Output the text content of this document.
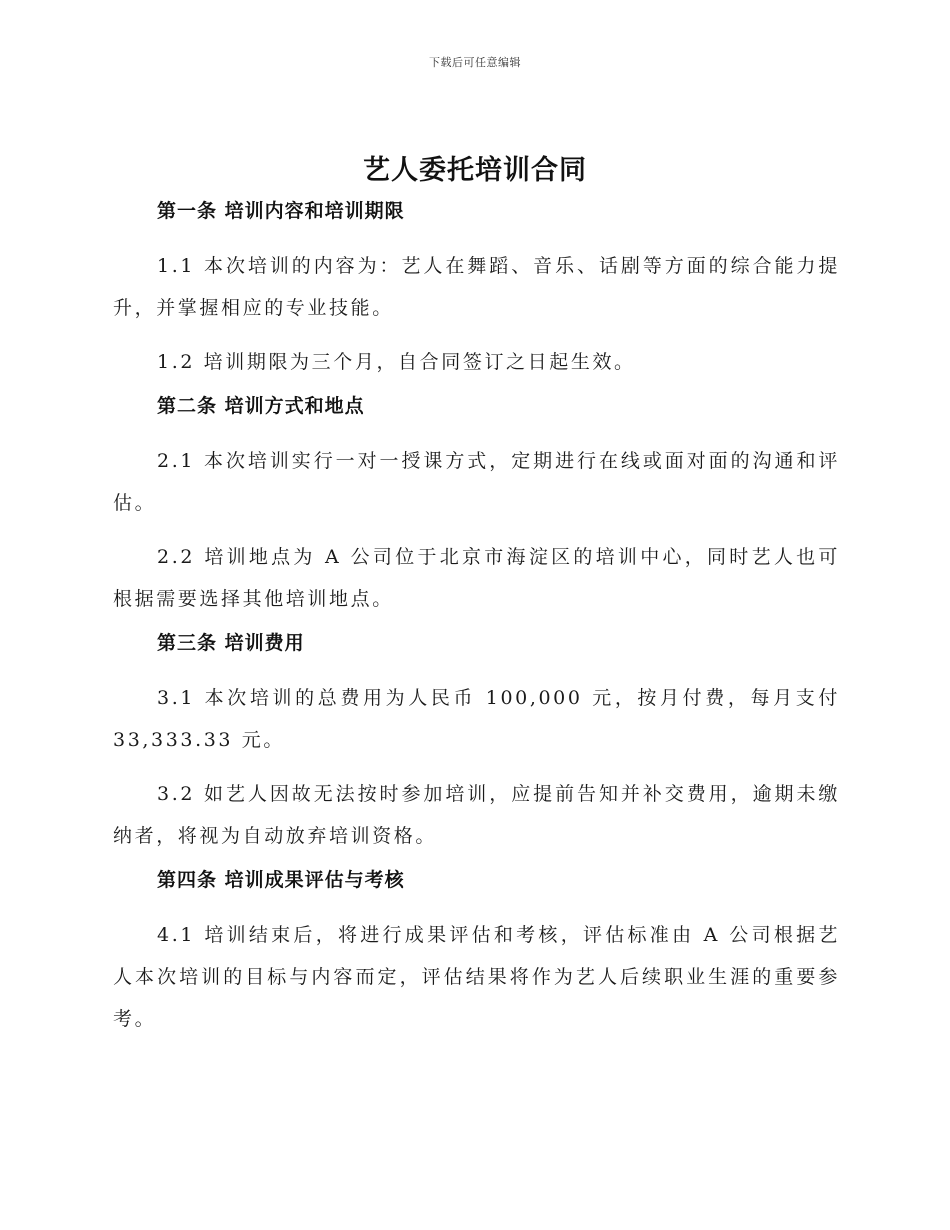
下载后可任意编辑
艺人委托培训合同
第一条 培训内容和培训期限

1.1 本次培训的内容为：艺人在舞蹈、音乐、话剧等方面的综合能力提升，并掌握相应的专业技能。

1.2 培训期限为三个月，自合同签订之日起生效。

第二条 培训方式和地点

2.1 本次培训实行一对一授课方式，定期进行在线或面对面的沟通和评估。

2.2 培训地点为 A 公司位于北京市海淀区的培训中心，同时艺人也可根据需要选择其他培训地点。

第三条 培训费用

3.1 本次培训的总费用为人民币 100,000 元，按月付费，每月支付 33,333.33 元。

3.2 如艺人因故无法按时参加培训，应提前告知并补交费用，逾期未缴纳者，将视为自动放弃培训资格。

第四条 培训成果评估与考核

4.1 培训结束后，将进行成果评估和考核，评估标准由 A 公司根据艺人本次培训的目标与内容而定，评估结果将作为艺人后续职业生涯的重要参考。
